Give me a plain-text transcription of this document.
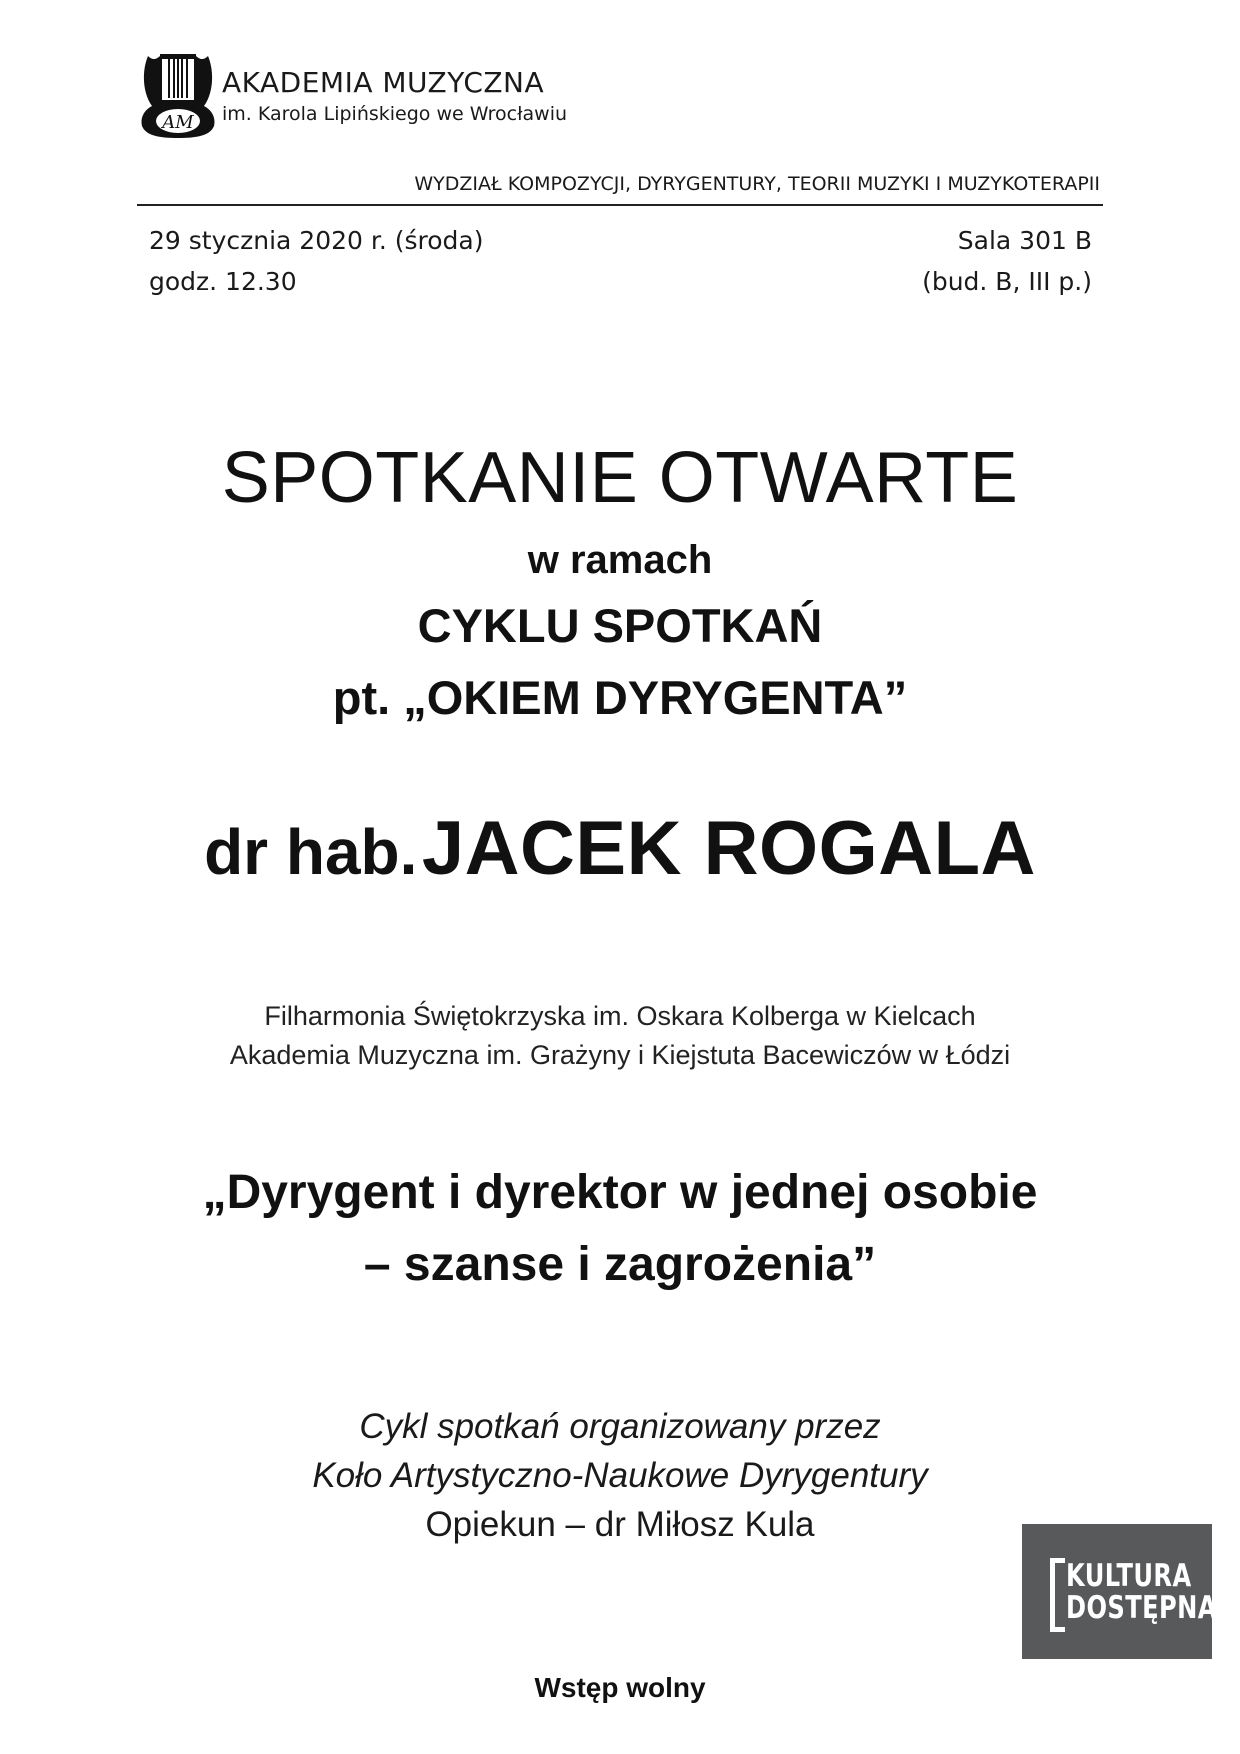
AM
AKADEMIA MUZYCZNA
im. Karola Lipińskiego we Wrocławiu
WYDZIAŁ KOMPOZYCJI, DYRYGENTURY, TEORII MUZYKI I MUZYKOTERAPII
29 stycznia 2020 r. (środa)
godz. 12.30
Sala 301 B
(bud. B, III p.)
SPOTKANIE OTWARTE
w ramach
CYKLU SPOTKAŃ
pt. „OKIEM DYRYGENTA”
dr hab. JACEK ROGALA
Filharmonia Świętokrzyska im. Oskara Kolberga w Kielcach
Akademia Muzyczna im. Grażyny i Kiejstuta Bacewiczów w Łódzi
„Dyrygent i dyrektor w jednej osobie
– szanse i zagrożenia”
Cykl spotkań organizowany przez
Koło Artystyczno-Naukowe Dyrygentury
Opiekun – dr Miłosz Kula
KULTURA
DOSTĘPNA
Wstęp wolny
